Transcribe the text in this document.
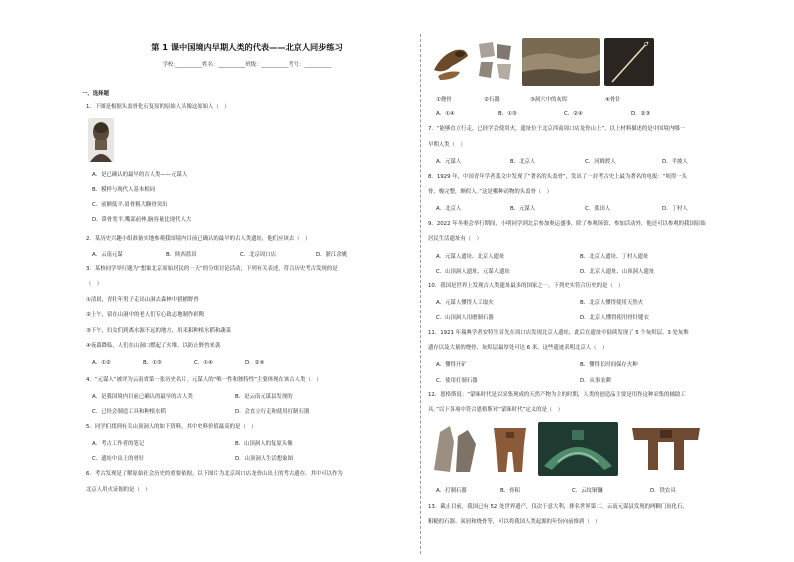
第 1 课中国境内早期人类的代表——北京人同步练习
学校:__________姓名：__________班级：__________考号：__________
一、选择题
1．下图是根据头盖骨化石复原的原始人头像这原始人（　）
A．是已确认的最早的古人类——元谋人
B．模样与现代人基本相同
C．前额低平,眉骨粗大颧骨突出
D．鼻骨宽平,嘴部前伸,脑容量比现代人大
2．某历史兴趣小组准备实地参观我国境内目前已确认的最早的古人类遗址，他们应该去（　）
A．云南元谋	B．陕西蓝田	C．北京周口店	D．浙江余姚
3．某校同学举行题为“想象北京原始居民的一天”的分组讨论活动，下列有关表述，符合历史考古发现的是
（　）
①清晨，青壮年男子走出山洞去森林中猎捕野兽
②上午，留在山洞中的老人们专心致志地制作彩陶
③下午，妇女们到离水源不远的地方，用耒耜种植水稻和蔬菜
④夜幕降临，人们在山洞口燃起了火堆，以防止野兽来袭
A．①②	B．①③	C．①④	D．②④
4．“元谋人”被评为云南省第一张历史名片。元谋人的“唯一性和独特性”主要体现在该古人类（　）
A．是我国境内目前已确认的最早的古人类	B．是云南元谋县发现的
C．已经会制造工具和种植水稻	D．会直立行走和使用打制石器
5．同学们找到有关山顶洞人的如下资料，其中史料价值最高的是（　）
A．考古工作者的笔记	B．山顶洞人的复原头像
C．遗址中出土的骨针	D．山顶洞人生活想象图
6．考古发现是了解原始社会历史的重要依据。以下图片为北京周口店龙骨山出土的考古遗存，其中可以作为
北京人用火证据的是（　）
①烧骨	②石器	③洞穴中的灰烬	④骨针
A．①④	B．①③	C．②④	D．②③
7．“能够直立行走，已经学会使用火，遗址位于北京西南周口店龙骨山上”。以上材料描述的是中国境内哪一
早期人类（　）
A．元谋人	B．北京人	C．河姆渡人	D．半坡人
8．1929 年，中国青年学者裴文中发现了“著名的头盖骨”，发出了一封考古史上最为著名的电报：“顷得一头
骨，极完整，颇似人。”这是哪种动物的头盖骨（　）
A．北京人	B．元谋人	C．蓝田人	D．丁村人
9．2022 年冬奥会举行期间，小明同学到北京参加奥运盛事，除了参观场馆、参加活动外，他还可以参观的我国原始
居民生活遗址有（　）
A．元谋人遗址、北京人遗址	B．北京人遗址、丁村人遗址
C．山顶洞人遗址、元谋人遗址	D．北京人遗址、山顶洞人遗址
10．我国是世界上发现古人类遗址最多的国家之一。下列史实符合历史的是（　）
A．元谋人懂得人工取火	B．北京人懂得使用天然火
C．山顶洞人用磨制石器	D．北京人懂得使用骨针缝衣
11．1921 年瑞典学者安特生首先在周口店发现北京人遗址，此后在遗址中陆续发现了 5 个灰烬层、3 处灰堆
遗存以及大量的烧骨，灰烬层最厚处可达 6 米。这些遗迹表明北京人（　）
A．懂得开矿	B．懂得长时间保存火种
C．使用打制石器	D．从事农耕
12．恩格斯说：“蒙昧时代是以采集现成的天然产物为主的时期，人类的创造品主要是用作这种采集的辅助工
具。”以下各项中符合恩格斯对“蒙昧时代”定义的是（　）
A．打制石器	B．骨耜	C．云纹铜镰	D．铁农具
13．截止目前，我国已有 52 处世界遗产，仅次于意大利，排名世界第二。云南元谋县发现的两颗门齿化石、
粗糙的石器、炭屑和烧骨等，可以将我国人类起源的年份向前推到（　）
